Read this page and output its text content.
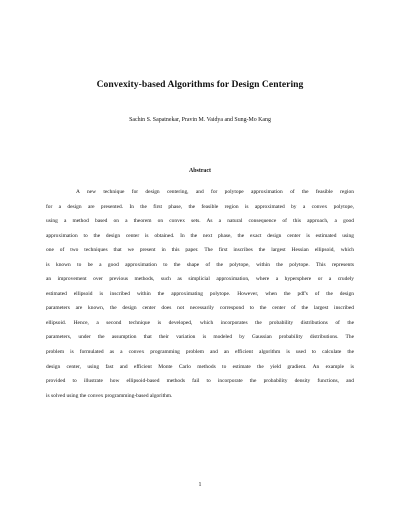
Convexity-based Algorithms for Design Centering

Sachin S. Sapatnekar, Pravin M. Vaidya and Sung-Mo Kang

Abstract
A new technique for design centering, and for polytope approximation of the feasible region
for a design are presented. In the first phase, the feasible region is approximated by a convex polytope,
using a method based on a theorem on convex sets. As a natural consequence of this approach, a good
approximation to the design center is obtained. In the next phase, the exact design center is estimated using
one of two techniques that we present in this paper. The first inscribes the largest Hessian ellipsoid, which
is known to be a good approximation to the shape of the polytope, within the polytope. This represents
an improvement over previous methods, such as simplicial approximation, where a hypersphere or a crudely
estimated ellipsoid is inscribed within the approximating polytope. However, when the pdf's of the design
parameters are known, the design center does not necessarily correspond to the center of the largest inscribed
ellipsoid. Hence, a second technique is developed, which incorporates the probability distributions of the
parameters, under the assumption that their variation is modeled by Gaussian probability distributions. The
problem is formulated as a convex programming problem and an efficient algorithm is used to calculate the
design center, using fast and efficient Monte Carlo methods to estimate the yield gradient. An example is
provided to illustrate how ellipsoid-based methods fail to incorporate the probability density functions, and
is solved using the convex programming-based algorithm.

1
